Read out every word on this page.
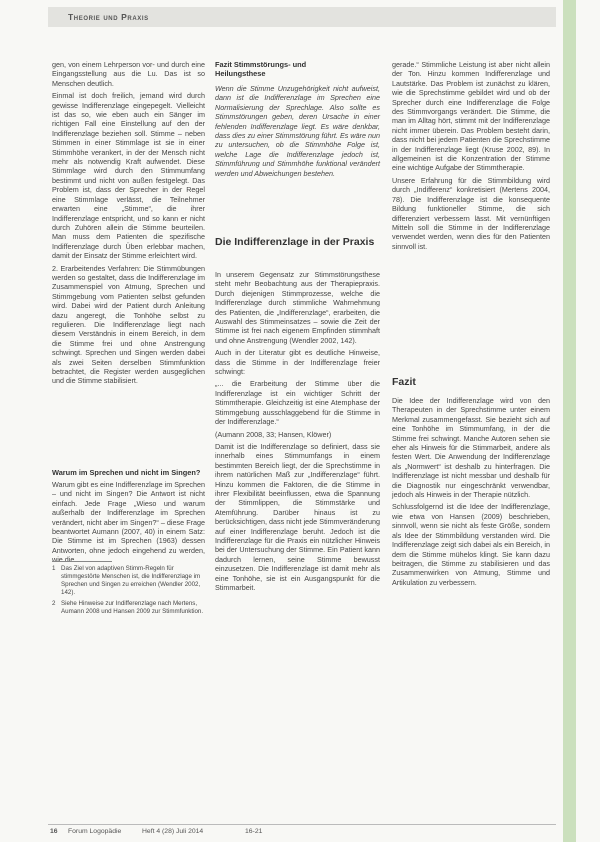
Theorie und Praxis

gen, von einem Lehrperson vor- und durch eine Eingangsstellung aus die Lu. Das ist so Menschen deutlich.

Einmal ist doch freilich, jemand wird durch gewisse Indifferenzlage eingepegelt. Vielleicht ist das so, wie eben auch ein Sänger im richtigen Fall eine Einstellung auf den der Indifferenzlage beziehen soll. Stimme – neben Stimmen in einer Stimmlage ist sie in einer Stimmhöhe verankert, in der der Mensch nicht mehr als notwendig Kraft aufwendet. Diese Stimmlage wird durch den Stimmumfang bestimmt und nicht von außen festgelegt. Das Problem ist, dass der Sprecher in der Regel eine Stimmlage verlässt, die Teilnehmer erwarten eine „Stimme“, die ihrer Indifferenzlage entspricht, und so kann er nicht durch Zuhören allein die Stimme beurteilen. Man muss dem Patienten die spezifische Indifferenzlage durch Üben erlebbar machen, damit der Einsatz der Stimme erleichtert wird.

2. Erarbeitendes Verfahren: Die Stimmübungen werden so gestaltet, dass die Indifferenzlage im Zusammenspiel von Atmung, Sprechen und Stimmgebung vom Patienten selbst gefunden wird. Dabei wird der Patient durch Anleitung dazu angeregt, die Tonhöhe selbst zu regulieren. Die Indifferenzlage liegt nach diesem Verständnis in einem Bereich, in dem die Stimme frei und ohne Anstrengung schwingt. Sprechen und Singen werden dabei als zwei Seiten derselben Stimmfunktion betrachtet, die Register werden ausgeglichen und die Stimme stabilisiert.

Warum im Sprechen und nicht im Singen?

Warum gibt es eine Indifferenzlage im Sprechen – und nicht im Singen? Die Antwort ist nicht einfach. Jede Frage „Wieso und warum außerhalb der Indifferenzlage im Sprechen verändert, nicht aber im Singen?“ – diese Frage beantwortet Aumann (2007, 40) in einem Satz: Die Stimme ist im Sprechen (1963) dessen Antworten, ohne jedoch eingehend zu werden, wie die

1 Das Ziel von adaptiven Stimm-Regeln für stimmgestörte Menschen ist, die Indifferenzlage im Sprechen und Singen zu erreichen (Wendler 2002, 142).
2 Siehe Hinweise zur Indifferenzlage nach Mertens, Aumann 2008 und Hansen 2009 zur Stimmfunktion.
Fazit Stimmstörungs- und Heilungsthese

Wenn die Stimme Unzugehörigkeit nicht aufweist, dann ist die Indifferenzlage im Sprechen eine Normalisierung der Sprechlage. Also sollte es Stimmstörungen geben, deren Ursache in einer fehlenden Indifferenzlage liegt. Es wäre denkbar, dass dies zu einer Stimmstörung führt. Es wäre nun zu untersuchen, ob die Stimmhöhe Folge ist, welche Lage die Indifferenzlage jedoch ist, Stimmführung und Stimmhöhe funktional verändert werden und Abweichungen bestehen.

Die Indifferenzlage in der Praxis

In unserem Gegensatz zur Stimmstörungsthese steht mehr Beobachtung aus der Therapiepraxis. Durch diejenigen Stimmprozesse, welche die Indifferenzlage durch stimmliche Wahrnehmung des Patienten, die „Indifferenzlage“, erarbeiten, die Auswahl des Stimmeinsatzes – sowie die Zeit der Stimme ist frei nach eigenem Empfinden stimmhaft und ohne Anstrengung (Wendler 2002, 142).

Auch in der Literatur gibt es deutliche Hinweise, dass die Stimme in der Indifferenzlage freier schwingt:

„... die Erarbeitung der Stimme über die Indifferenzlage ist ein wichtiger Schritt der Stimmtherapie. Gleichzeitig ist eine Atemphase der Stimmgebung ausschlaggebend für die Stimme in der Indifferenzlage.“

(Aumann 2008, 33; Hansen, Klöwer)

Damit ist die Indifferenzlage so definiert, dass sie innerhalb eines Stimmumfangs in einem bestimmten Bereich liegt, der die Sprechstimme in ihrem natürlichen Maß zur „Indifferenzlage“ führt. Hinzu kommen die Faktoren, die die Stimme in ihrer Flexibilität beeinflussen, etwa die Spannung der Stimmlippen, die Stimmstärke und Atemführung. Darüber hinaus ist zu berücksichtigen, dass nicht jede Stimmveränderung auf einer Indifferenzlage beruht. Jedoch ist die Indifferenzlage für die Praxis ein nützlicher Hinweis bei der Untersuchung der Stimme. Ein Patient kann dadurch lernen, seine Stimme bewusst einzusetzen. Die Indifferenzlage ist damit mehr als eine Tonhöhe, sie ist ein Ausgangspunkt für die Stimmarbeit.

gerade.“ Stimmliche Leistung ist aber nicht allein der Ton. Hinzu kommen Indifferenzlage und Lautstärke. Das Problem ist zunächst zu klären, wie die Sprechstimme gebildet wird und ob der Sprecher durch eine Indifferenzlage die Folge des Stimmvorgangs verändert. Die Stimme, die man im Alltag hört, stimmt mit der Indifferenzlage nicht immer überein. Das Problem besteht darin, dass nicht bei jedem Patienten die Sprechstimme in der Indifferenzlage liegt (Kruse 2002, 89). In allgemeinen ist die Konzentration der Stimme eine wichtige Aufgabe der Stimmtherapie.

Unsere Erfahrung für die Stimmbildung wird durch „Indifferenz“ konkretisiert (Mertens 2004, 78). Die Indifferenzlage ist die konsequente Bildung funktioneller Stimme, die sich differenziert verbessern lässt. Mit vernünftigen Mitteln soll die Stimme in der Indifferenzlage verwendet werden, wenn dies für den Patienten sinnvoll ist.

Fazit

Die Idee der Indifferenzlage wird von den Therapeuten in der Sprechstimme unter einem Merkmal zusammengefasst. Sie bezieht sich auf eine Tonhöhe im Stimmumfang, in der die Stimme frei schwingt. Manche Autoren sehen sie eher als Hinweis für die Stimmarbeit, andere als festen Wert. Die Anwendung der Indifferenzlage als „Normwert“ ist deshalb zu hinterfragen. Die Indifferenzlage ist nicht messbar und deshalb für die Diagnostik nur eingeschränkt verwendbar, jedoch als Hinweis in der Therapie nützlich.

Schlussfolgernd ist die Idee der Indifferenzlage, wie etwa von Hansen (2009) beschrieben, sinnvoll, wenn sie nicht als feste Größe, sondern als Idee der Stimmbildung verstanden wird. Die Indifferenzlage zeigt sich dabei als ein Bereich, in dem die Stimme mühelos klingt. Sie kann dazu beitragen, die Stimme zu stabilisieren und das Zusammenwirken von Atmung, Stimme und Artikulation zu verbessern.

16 Forum Logopädie	Heft 4 (28) Juli 2014	16-21
